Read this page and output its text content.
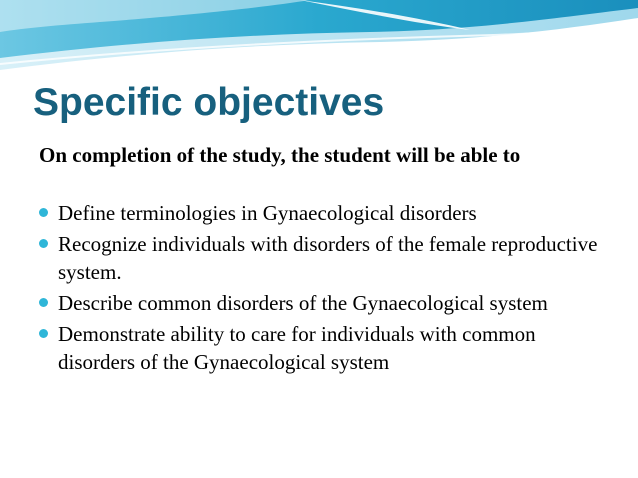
Specific objectives

On completion of the study, the student will be able to

Define terminologies in Gynaecological disorders
Recognize individuals with disorders of the female reproductive system.
Describe common disorders of the Gynaecological system
Demonstrate ability to care for individuals with common disorders of the Gynaecological system
